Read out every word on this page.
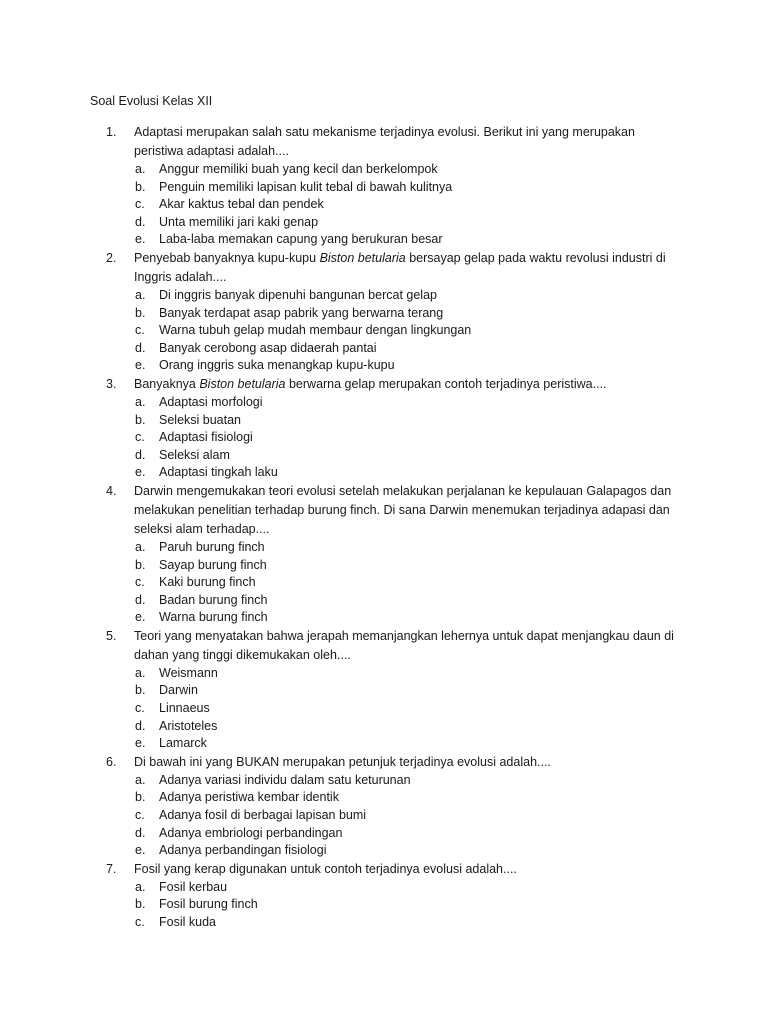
Soal Evolusi Kelas XII
1.	Adaptasi merupakan salah satu mekanisme terjadinya evolusi. Berikut ini yang merupakan peristiwa adaptasi adalah....
a.	Anggur memiliki buah yang kecil dan berkelompok
b.	Penguin memiliki lapisan kulit tebal di bawah kulitnya
c.	Akar kaktus tebal dan pendek
d.	Unta memiliki jari kaki genap
e.	Laba-laba memakan capung yang berukuran besar
2.	Penyebab banyaknya kupu-kupu Biston betularia bersayap gelap pada waktu revolusi industri di Inggris adalah....
a.	Di inggris banyak dipenuhi bangunan bercat gelap
b.	Banyak terdapat asap pabrik yang berwarna terang
c.	Warna tubuh gelap mudah membaur dengan lingkungan
d.	Banyak cerobong asap didaerah pantai
e.	Orang inggris suka menangkap kupu-kupu
3.	Banyaknya Biston betularia berwarna gelap merupakan contoh terjadinya peristiwa....
a.	Adaptasi morfologi
b.	Seleksi buatan
c.	Adaptasi fisiologi
d.	Seleksi alam
e.	Adaptasi tingkah laku
4.	Darwin mengemukakan teori evolusi setelah melakukan perjalanan ke kepulauan Galapagos dan melakukan penelitian terhadap burung finch. Di sana Darwin menemukan terjadinya adapasi dan seleksi alam terhadap....
a.	Paruh burung finch
b.	Sayap burung finch
c.	Kaki burung finch
d.	Badan burung finch
e.	Warna burung finch
5.	Teori yang menyatakan bahwa jerapah memanjangkan lehernya untuk dapat menjangkau daun di dahan yang tinggi dikemukakan oleh....
a.	Weismann
b.	Darwin
c.	Linnaeus
d.	Aristoteles
e.	Lamarck
6.	Di bawah ini yang BUKAN merupakan petunjuk terjadinya evolusi adalah....
a.	Adanya variasi individu dalam satu keturunan
b.	Adanya peristiwa kembar identik
c.	Adanya fosil di berbagai lapisan bumi
d.	Adanya embriologi perbandingan
e.	Adanya perbandingan fisiologi
7.	Fosil yang kerap digunakan untuk contoh terjadinya evolusi adalah....
a.	Fosil kerbau
b.	Fosil burung finch
c.	Fosil kuda
